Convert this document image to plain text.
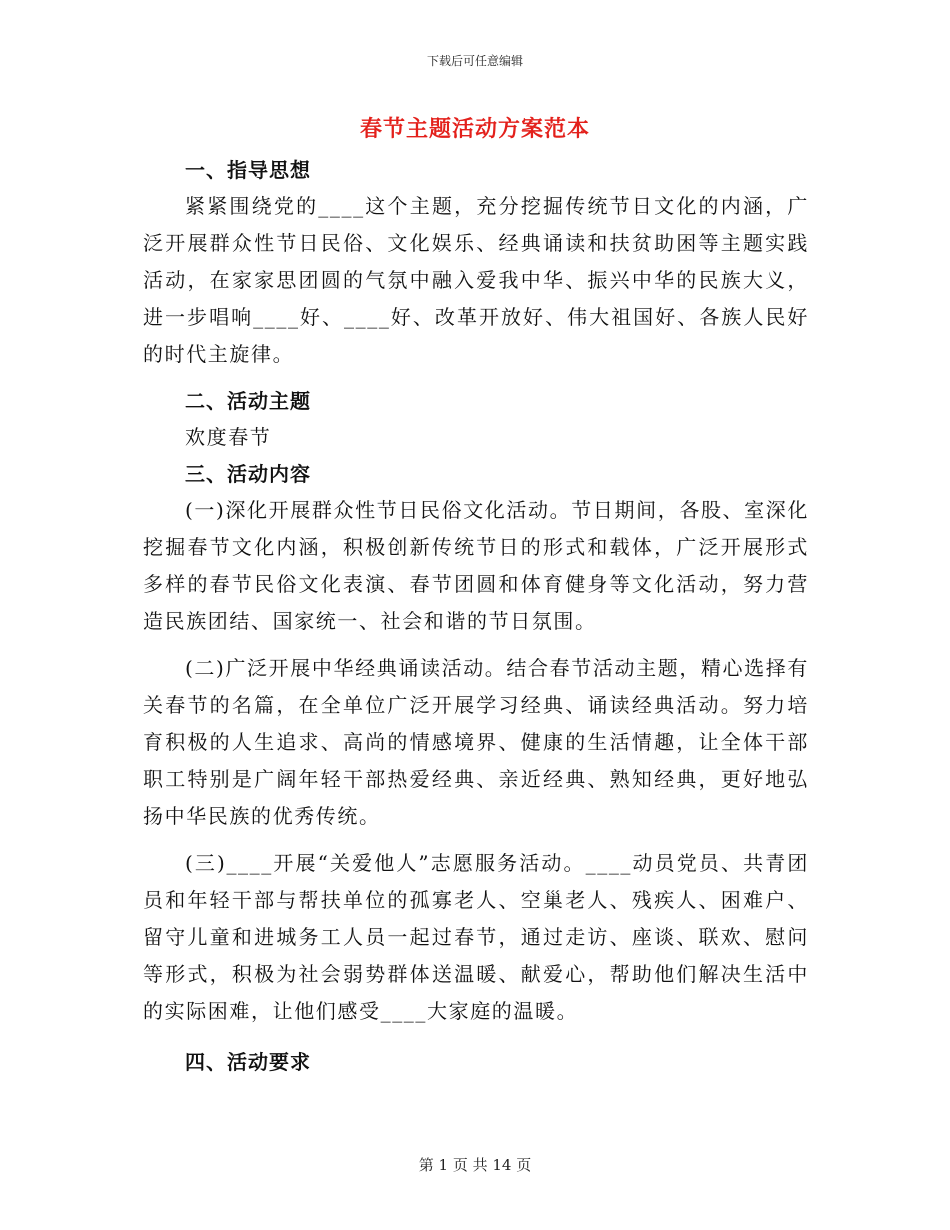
下载后可任意编辑
春节主题活动方案范本
一、指导思想

紧紧围绕党的____这个主题，充分挖掘传统节日文化的内涵，广泛开展群众性节日民俗、文化娱乐、经典诵读和扶贫助困等主题实践活动，在家家思团圆的气氛中融入爱我中华、振兴中华的民族大义，进一步唱响____好、____好、改革开放好、伟大祖国好、各族人民好的时代主旋律。

二、活动主题

欢度春节

三、活动内容

(一)深化开展群众性节日民俗文化活动。节日期间，各股、室深化挖掘春节文化内涵，积极创新传统节日的形式和载体，广泛开展形式多样的春节民俗文化表演、春节团圆和体育健身等文化活动，努力营造民族团结、国家统一、社会和谐的节日氛围。

(二)广泛开展中华经典诵读活动。结合春节活动主题，精心选择有关春节的名篇，在全单位广泛开展学习经典、诵读经典活动。努力培育积极的人生追求、高尚的情感境界、健康的生活情趣，让全体干部职工特别是广阔年轻干部热爱经典、亲近经典、熟知经典，更好地弘扬中华民族的优秀传统。

(三)____开展“关爱他人”志愿服务活动。____动员党员、共青团员和年轻干部与帮扶单位的孤寡老人、空巢老人、残疾人、困难户、留守儿童和进城务工人员一起过春节，通过走访、座谈、联欢、慰问等形式，积极为社会弱势群体送温暖、献爱心，帮助他们解决生活中的实际困难，让他们感受____大家庭的温暖。

四、活动要求
第 1 页 共 14 页
